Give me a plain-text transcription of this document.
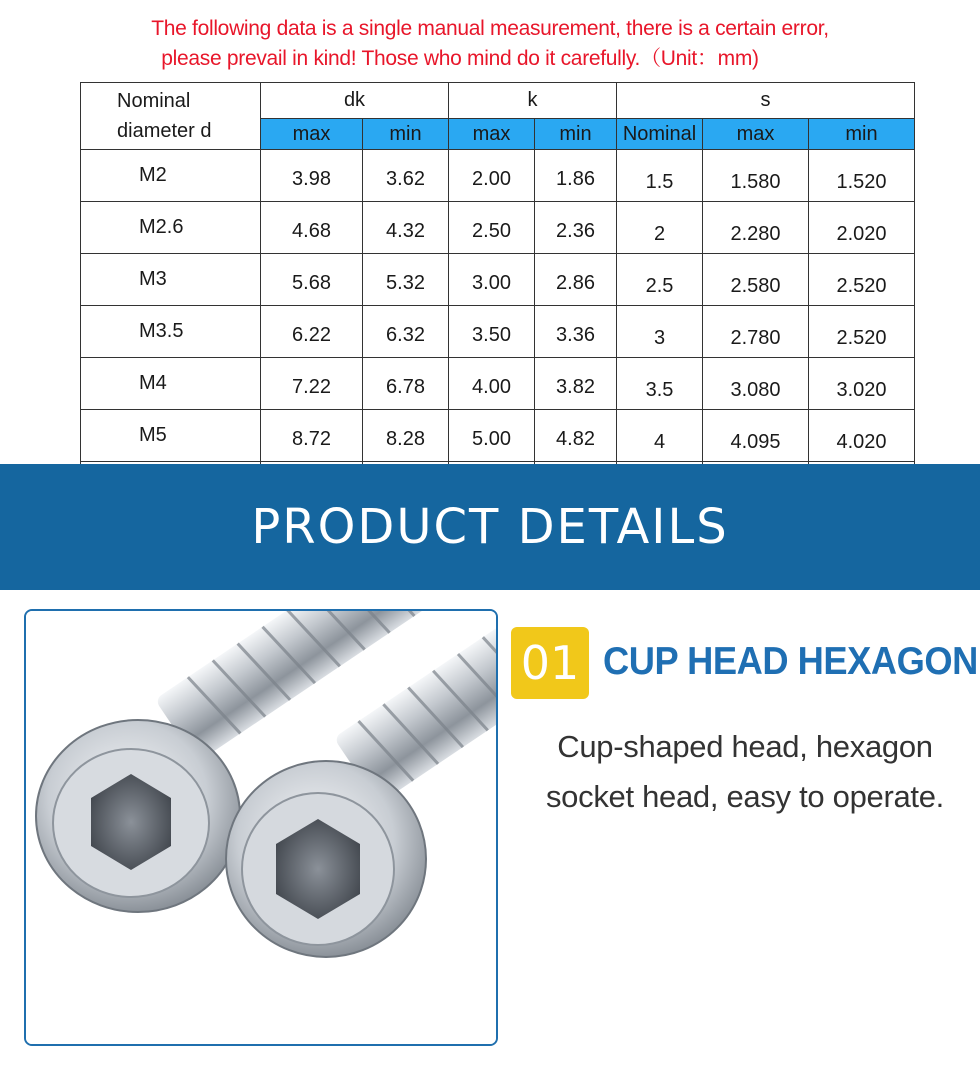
The following data is a single manual measurement, there is a certain error,
please prevail in kind! Those who mind do it carefully.（Unit：mm)
Nominal
diameter d	dk		k		s		
	max	min	max	min	Nominal	max	min
M2	3.98	3.62	2.00	1.86	1.5	1.580	1.520
M2.6	4.68	4.32	2.50	2.36	2	2.280	2.020
M3	5.68	5.32	3.00	2.86	2.5	2.580	2.520
M3.5	6.22	6.32	3.50	3.36	3	2.780	2.520
M4	7.22	6.78	4.00	3.82	3.5	3.080	3.020
M5	8.72	8.28	5.00	4.82	4	4.095	4.020

PRODUCT DETAILS
01 CUP HEAD HEXAGON
Cup-shaped head, hexagon
socket head, easy to operate.
